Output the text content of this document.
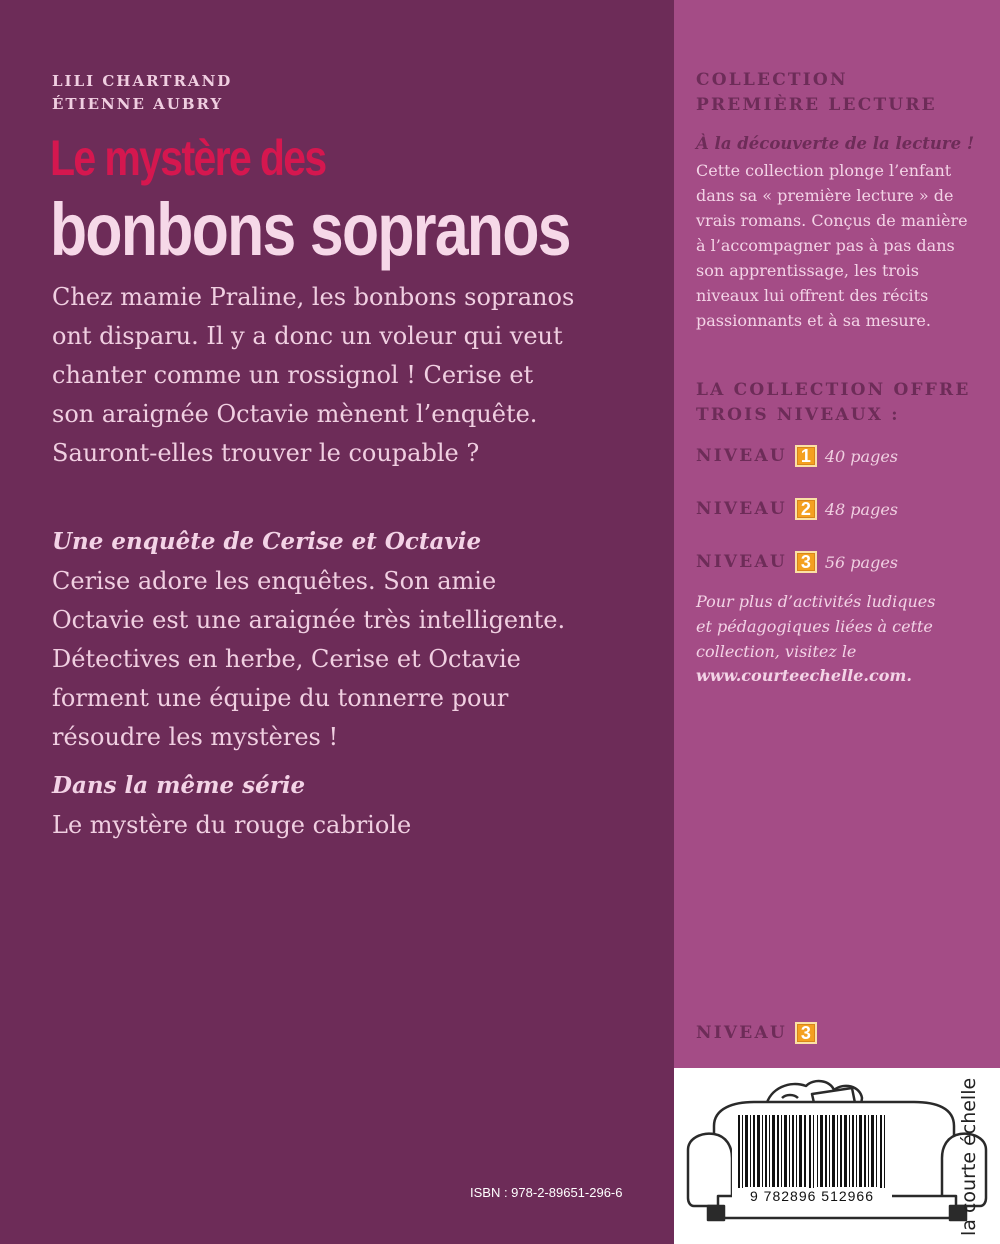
LILI CHARTRAND
ÉTIENNE AUBRY
Le mystère des
bonbons sopranos
Chez mamie Praline, les bonbons sopranos
ont disparu. Il y a donc un voleur qui veut
chanter comme un rossignol ! Cerise et
son araignée Octavie mènent l’enquête.
Sauront-elles trouver le coupable ?
Une enquête de Cerise et Octavie
Cerise adore les enquêtes. Son amie
Octavie est une araignée très intelligente.
Détectives en herbe, Cerise et Octavie
forment une équipe du tonnerre pour
résoudre les mystères !
Dans la même série
Le mystère du rouge cabriole
ISBN : 978-2-89651-296-6
COLLECTION
PREMIÈRE LECTURE
À la découverte de la lecture !
Cette collection plonge l’enfant
dans sa « première lecture » de
vrais romans. Conçus de manière
à l’accompagner pas à pas dans
son apprentissage, les trois
niveaux lui offrent des récits
passionnants et à sa mesure.
LA COLLECTION OFFRE
TROIS NIVEAUX :
NIVEAU 1 40 pages
NIVEAU 2 48 pages
NIVEAU 3 56 pages
Pour plus d’activités ludiques
et pédagogiques liées à cette
collection, visitez le
www.courteechelle.com.
NIVEAU 3
9 782896 512966	la courte échelle
